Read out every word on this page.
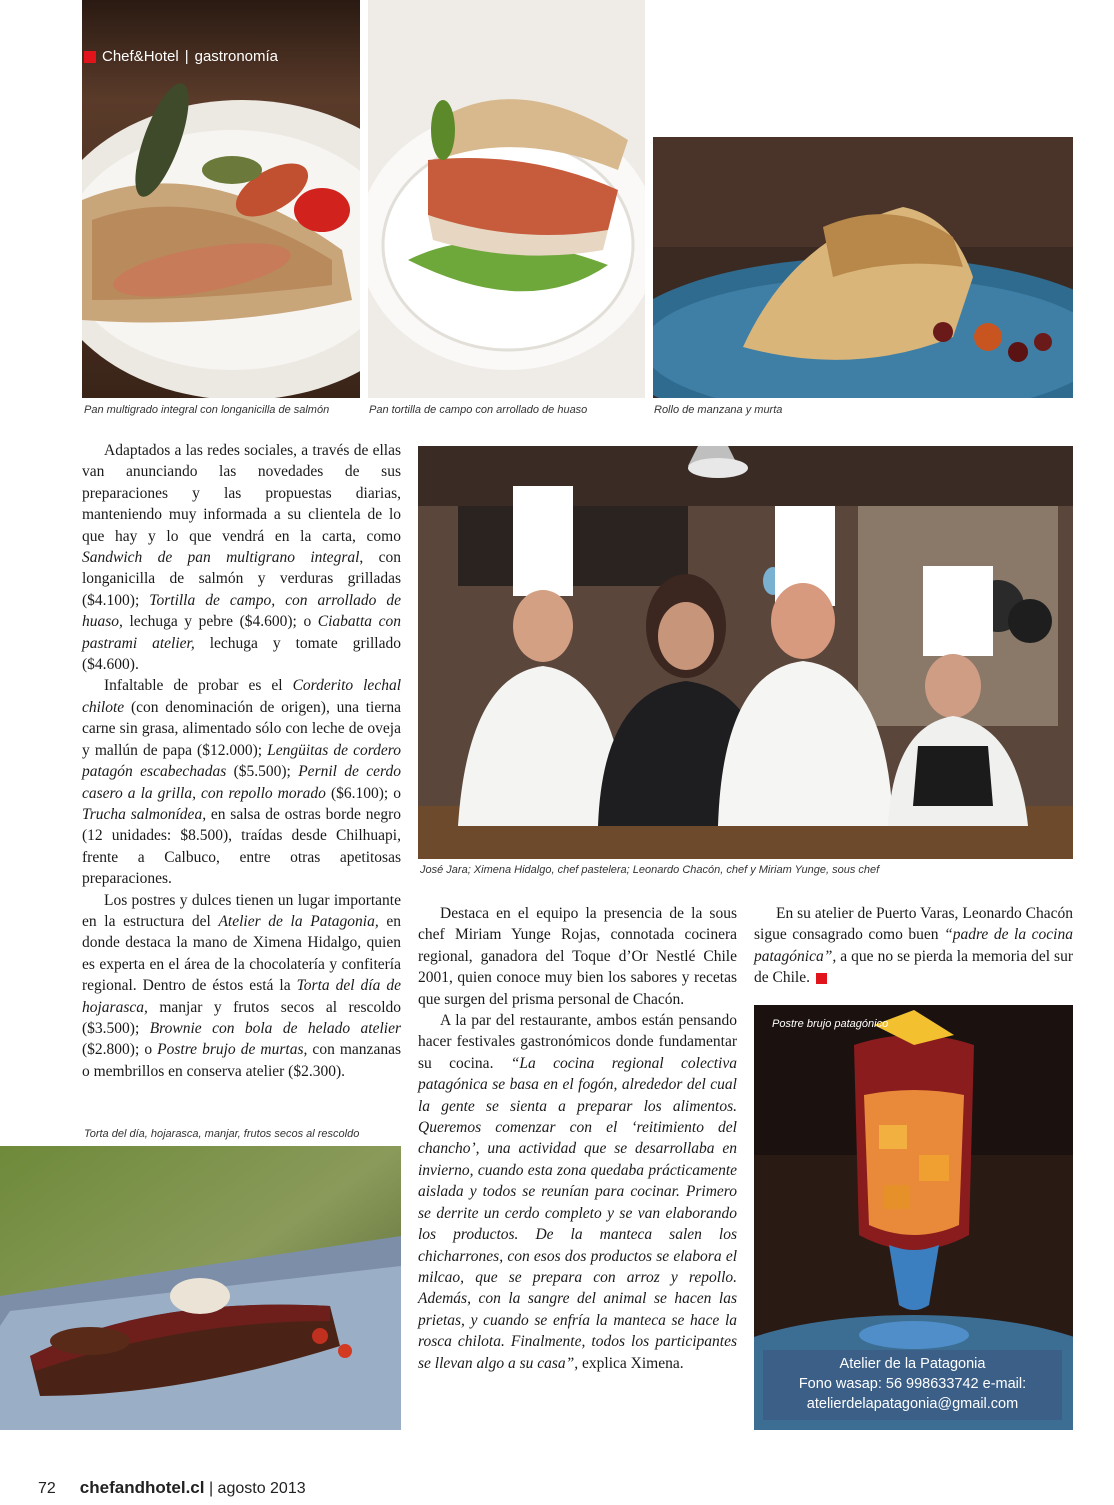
Chef&Hotel | gastronomía
Pan multigrado integral con longanicilla de salmón	Pan tortilla de campo con arrollado de huaso	Rollo de manzana y murta
José Jara; Ximena Hidalgo, chef pastelera; Leonardo Chacón, chef y Miriam Yunge, sous chef

Adaptados a las redes sociales, a través de ellas van anunciando las novedades de sus preparaciones y las propuestas diarias, manteniendo muy informada a su clientela de lo que hay y lo que vendrá en la carta, como Sandwich de pan multigrano integral, con longanicilla de salmón y verduras grilladas ($4.100); Tortilla de campo, con arrollado de huaso, lechuga y pebre ($4.600); o Ciabatta con pastrami atelier, lechuga y tomate grillado ($4.600).

Infaltable de probar es el Corderito lechal chilote (con denominación de origen), una tierna carne sin grasa, alimentado sólo con leche de oveja y mallún de papa ($12.000); Lengüitas de cordero patagón escabechadas ($5.500); Pernil de cerdo casero a la grilla, con repollo morado ($6.100); o Trucha salmonídea, en salsa de ostras borde negro (12 unidades: $8.500), traídas desde Chilhuapi, frente a Calbuco, entre otras apetitosas preparaciones.

Los postres y dulces tienen un lugar importante en la estructura del Atelier de la Patagonia, en donde destaca la mano de Ximena Hidalgo, quien es experta en el área de la chocolatería y confitería regional. Dentro de éstos está la Torta del día de hojarasca, manjar y frutos secos al rescoldo ($3.500); Brownie con bola de helado atelier ($2.800); o Postre brujo de murtas, con manzanas o membrillos en conserva atelier ($2.300).

Torta del día, hojarasca, manjar, frutos secos al rescoldo

Destaca en el equipo la presencia de la sous chef Miriam Yunge Rojas, connotada cocinera regional, ganadora del Toque d’Or Nestlé Chile 2001, quien conoce muy bien los sabores y recetas que surgen del prisma personal de Chacón.

A la par del restaurante, ambos están pensando hacer festivales gastronómicos donde fundamentar su cocina. “La cocina regional colectiva patagónica se basa en el fogón, alrededor del cual la gente se sienta a preparar los alimentos. Queremos comenzar con el ‘reitimiento del chancho’, una actividad que se desarrollaba en invierno, cuando esta zona quedaba prácticamente aislada y todos se reunían para cocinar. Primero se derrite un cerdo completo y se van elaborando los productos. De la manteca salen los chicharrones, con esos dos productos se elabora el milcao, que se prepara con arroz y repollo. Además, con la sangre del animal se hacen las prietas, y cuando se enfría la manteca se hace la rosca chilota. Finalmente, todos los participantes se llevan algo a su casa”, explica Ximena.

En su atelier de Puerto Varas, Leonardo Chacón sigue consagrado como buen “padre de la cocina patagónica”, a que no se pierda la memoria del sur de Chile.

Postre brujo patagónico
Atelier de la Patagonia
Fono wasap: 56 998633742 e-mail:
atelierdelapatagonia@gmail.com
72 chefandhotel.cl | agosto 2013
